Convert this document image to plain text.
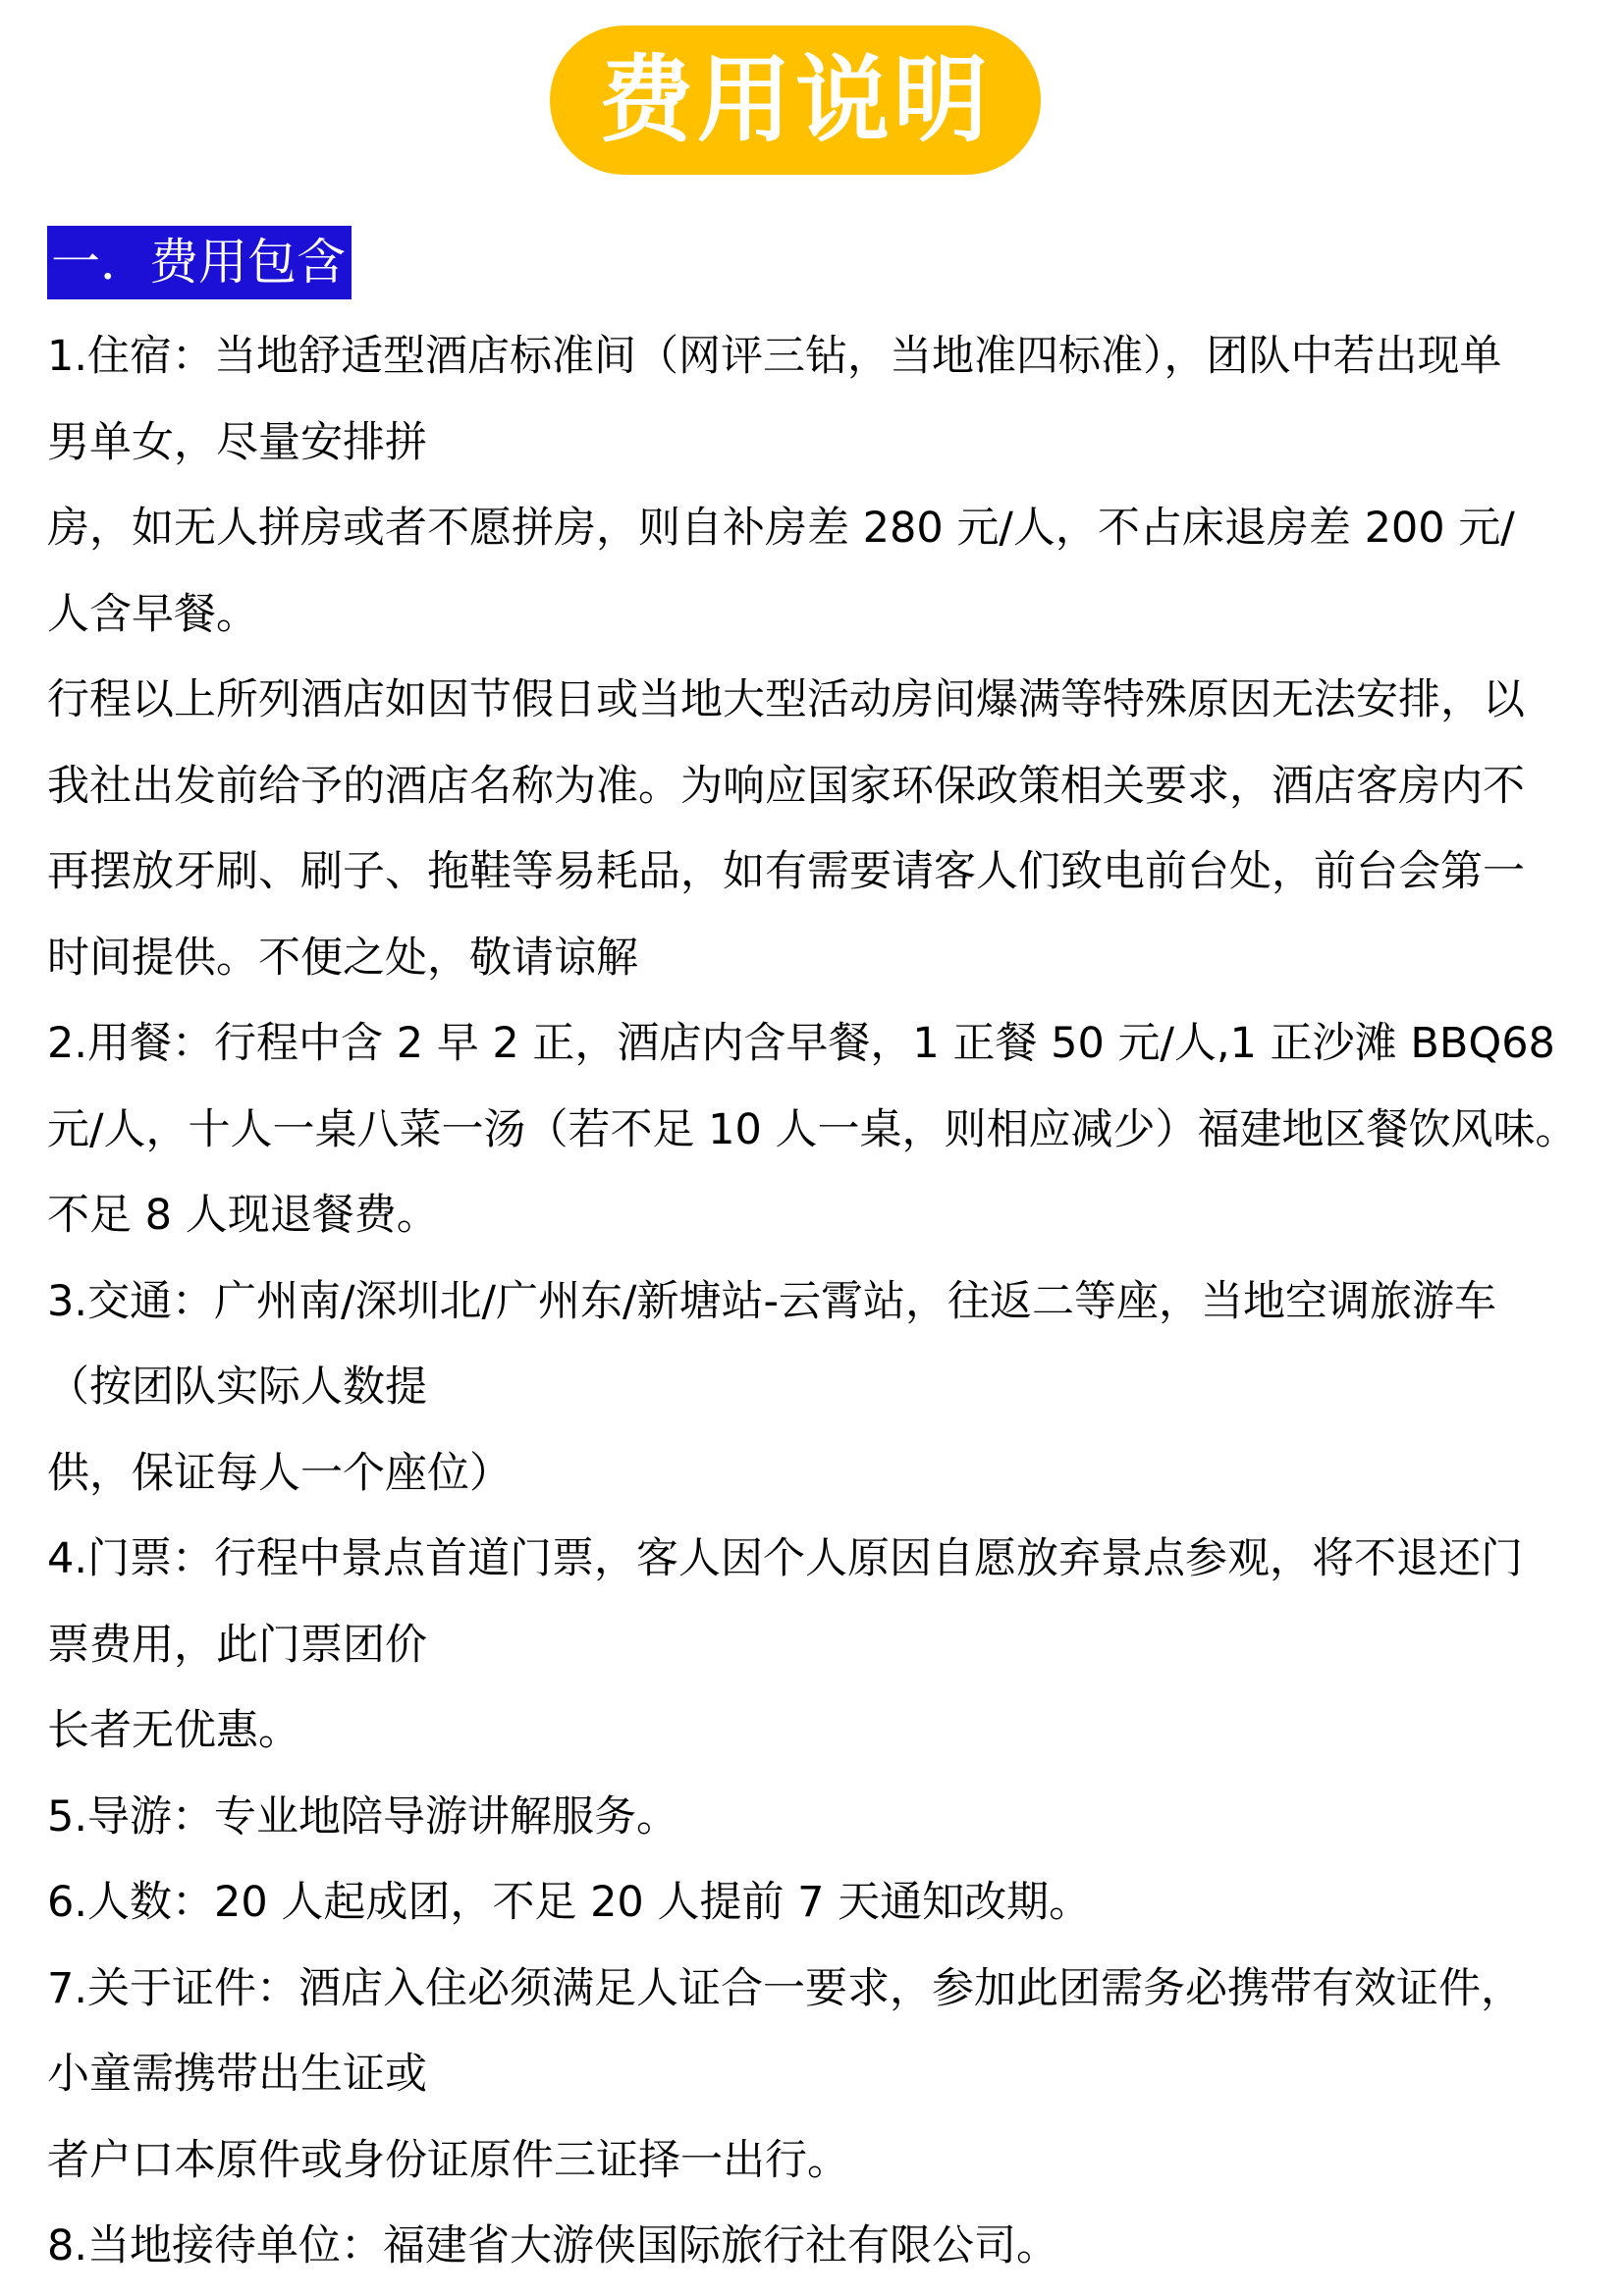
费用说明
一．费用包含
1.住宿：当地舒适型酒店标准间（网评三钻，当地准四标准），团队中若出现单
男单女，尽量安排拼
房，如无人拼房或者不愿拼房，则自补房差 280 元/人，不占床退房差 200 元/
人含早餐。
行程以上所列酒店如因节假日或当地大型活动房间爆满等特殊原因无法安排，以
我社出发前给予的酒店名称为准。为响应国家环保政策相关要求，酒店客房内不
再摆放牙刷、刷子、拖鞋等易耗品，如有需要请客人们致电前台处，前台会第一
时间提供。不便之处，敬请谅解
2.用餐：行程中含 2 早 2 正，酒店内含早餐，1 正餐 50 元/人,1 正沙滩 BBQ68
元/人，十人一桌八菜一汤（若不足 10 人一桌，则相应减少）福建地区餐饮风味。
不足 8 人现退餐费。
3.交通：广州南/深圳北/广州东/新塘站-云霄站，往返二等座，当地空调旅游车
（按团队实际人数提
供，保证每人一个座位）
4.门票：行程中景点首道门票，客人因个人原因自愿放弃景点参观，将不退还门
票费用，此门票团价
长者无优惠。
5.导游：专业地陪导游讲解服务。
6.人数：20 人起成团，不足 20 人提前 7 天通知改期。
7.关于证件：酒店入住必须满足人证合一要求，参加此团需务必携带有效证件，
小童需携带出生证或
者户口本原件或身份证原件三证择一出行。
8.当地接待单位：福建省大游侠国际旅行社有限公司。
